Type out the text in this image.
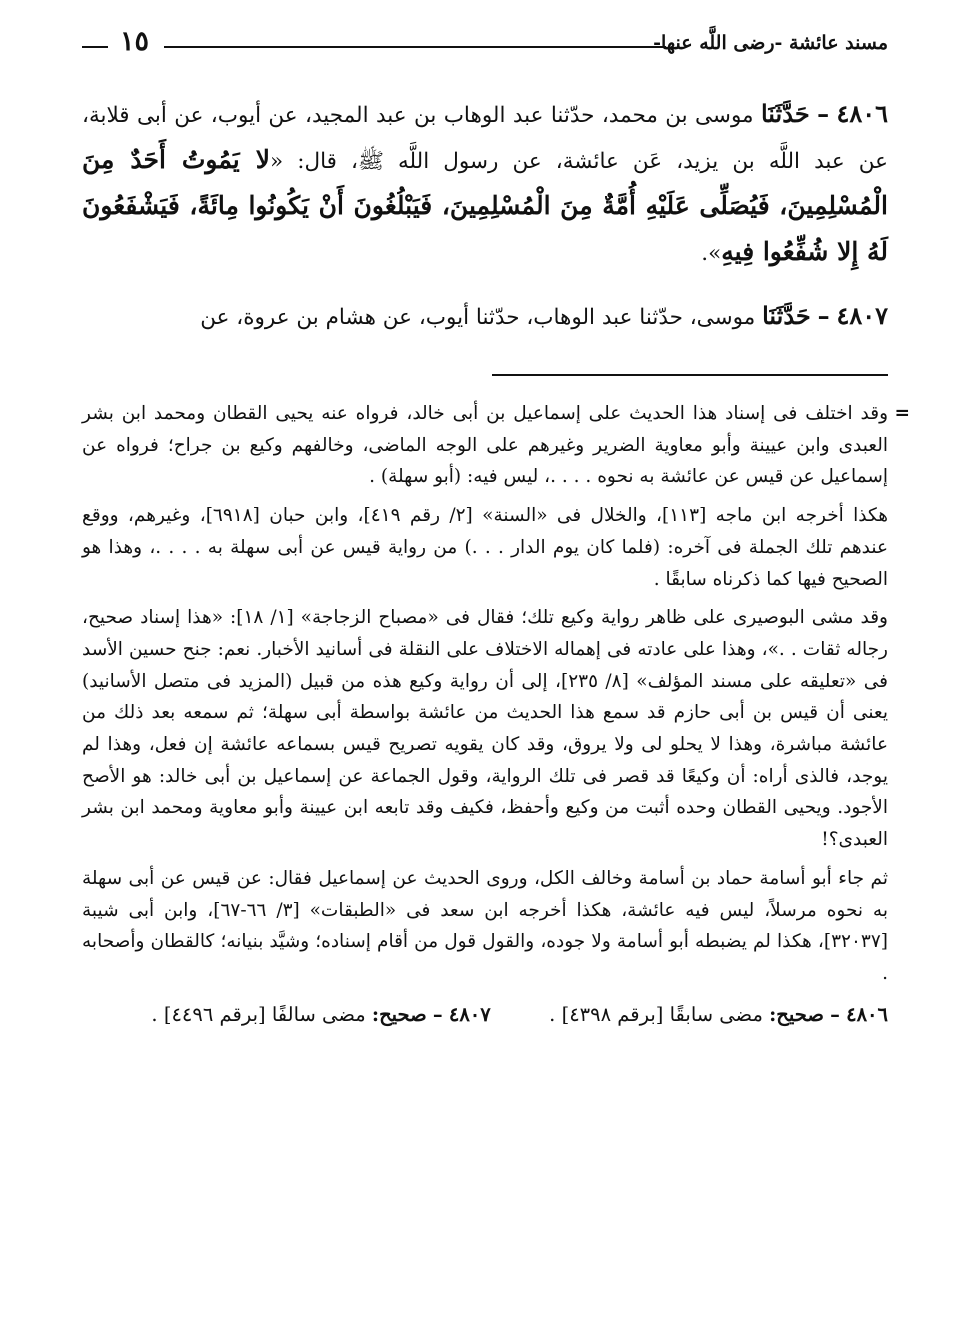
مسند عائشة -رضى اللَّه عنها-
١٥

٤٨٠٦ – حَدَّثَنَا موسى بن محمد، حدّثنا عبد الوهاب بن عبد المجيد، عن أيوب، عن أبى قلابة، عن عبد اللَّه بن يزيد، عَن عائشة، عن رسول اللَّه ﷺ، قال: «لا يَمُوتُ أَحَدٌ مِنَ الْمُسْلِمِينَ، فَيُصَلِّى عَلَيْهِ أُمَّةٌ مِنَ الْمُسْلِمِينَ، فَيَبْلُغُونَ أَنْ يَكُونُوا مِائَةً، فَيَشْفَعُونَ لَهُ إِلا شُفِّعُوا فِيهِ».

٤٨٠٧ – حَدَّثَنَا موسى، حدّثنا عبد الوهاب، حدّثنا أيوب، عن هشام بن عروة، عن

=
وقد اختلف فى إسناد هذا الحديث على إسماعيل بن أبى خالد، فرواه عنه يحيى القطان ومحمد ابن بشر العبدى وابن عيينة وأبو معاوية الضرير وغيرهم على الوجه الماضى، وخالفهم وكيع بن جراح؛ فرواه عن إسماعيل عن قيس عن عائشة به نحوه . . . .، ليس فيه: (أبو سهلة) .

هكذا أخرجه ابن ماجه [١١٣]، والخلال فى «السنة» [٢/ رقم ٤١٩]، وابن حبان [٦٩١٨]، وغيرهم، ووقع عندهم تلك الجملة فى آخره: (فلما كان يوم الدار . . .) من رواية قيس عن أبى سهلة به . . . .، وهذا هو الصحيح فيها كما ذكرناه سابقًا .

وقد مشى البوصيرى على ظاهر رواية وكيع تلك؛ فقال فى «مصباح الزجاجة» [١/ ١٨]: «هذا إسناد صحيح، رجاله ثقات . .»، وهذا على عادته فى إهماله الاختلاف على النقلة فى أسانيد الأخبار. نعم: جنح حسين الأسد فى «تعليقه على مسند المؤلف» [٨/ ٢٣٥]، إلى أن رواية وكيع هذه من قبيل (المزيد فى متصل الأسانيد) يعنى أن قيس بن أبى حازم قد سمع هذا الحديث من عائشة بواسطة أبى سهلة؛ ثم سمعه بعد ذلك من عائشة مباشرة، وهذا لا يحلو لى ولا يروق، وقد كان يقويه تصريح قيس بسماعه عائشة إن فعل، وهذا لم يوجد، فالذى أراه: أن وكيعًا قد قصر فى تلك الرواية، وقول الجماعة عن إسماعيل بن أبى خالد: هو الأصح الأجود. ويحيى القطان وحده أثبت من وكيع وأحفظ، فكيف وقد تابعه ابن عيينة وأبو معاوية ومحمد ابن بشر العبدى؟!

ثم جاء أبو أسامة حماد بن أسامة وخالف الكل، وروى الحديث عن إسماعيل فقال: عن قيس عن أبى سهلة به نحوه مرسلاً، ليس فيه عائشة، هكذا أخرجه ابن سعد فى «الطبقات» [٣/ ٦٦-٦٧]، وابن أبى شيبة [٣٢٠٣٧]، هكذا لم يضبطه أبو أسامة ولا جوده، والقول قول من أقام إسناده؛ وشيَّد بنيانه؛ كالقطان وأصحابه .

٤٨٠٦ – صحيح: مضى سابقًا [برقم ٤٣٩٨] .  ٤٨٠٧ – صحيح: مضى سالفًا [برقم ٤٤٩٦] .
